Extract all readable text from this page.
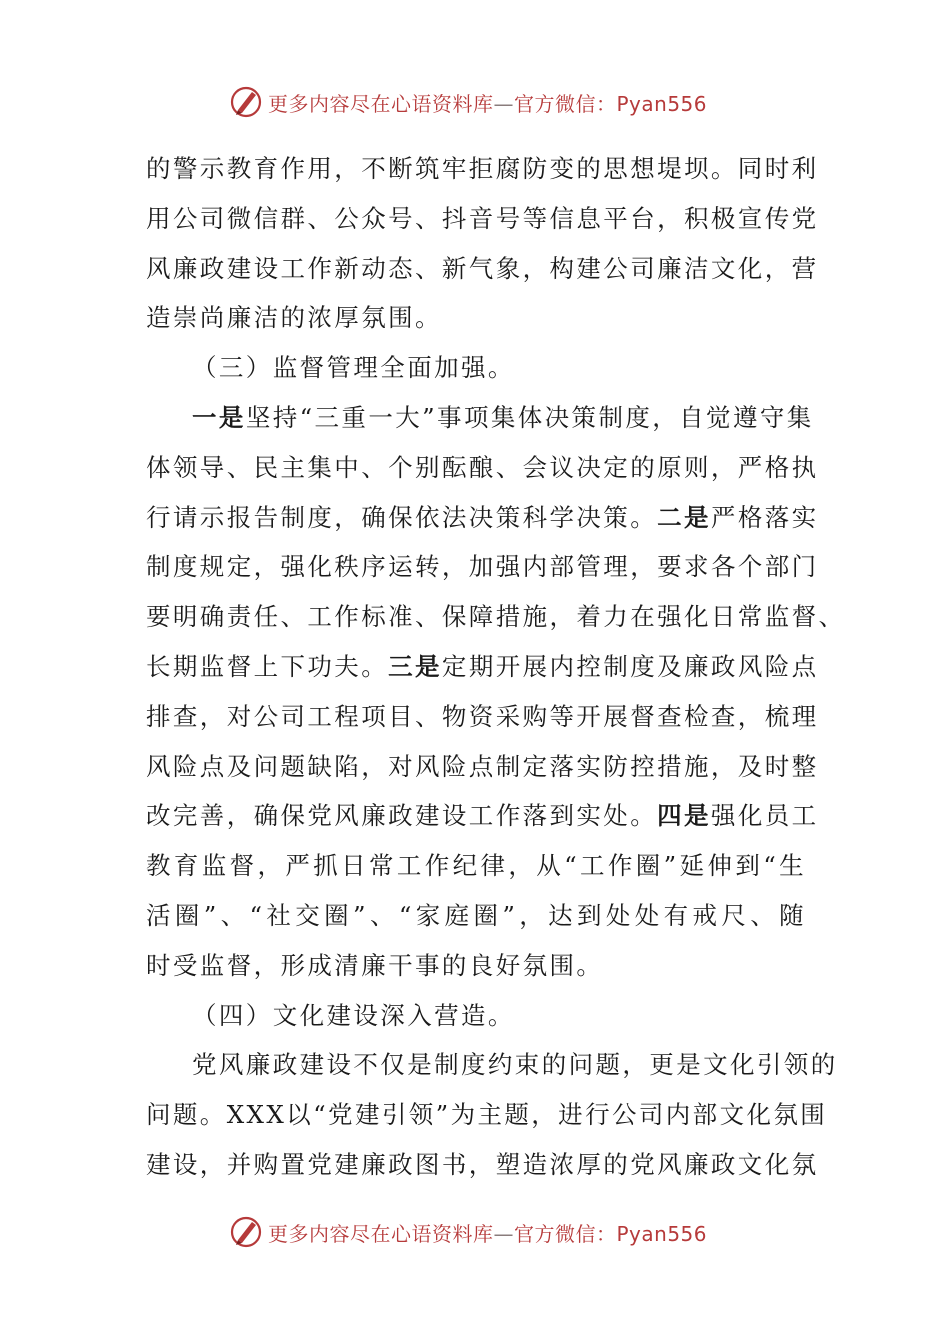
更多内容尽在心语资料库—官方微信：Pyan556
的警示教育作用，不断筑牢拒腐防变的思想堤坝。同时利
用公司微信群、公众号、抖音号等信息平台，积极宣传党
风廉政建设工作新动态、新气象，构建公司廉洁文化，营
造崇尚廉洁的浓厚氛围。
（三）监督管理全面加强。
一是坚持“三重一大”事项集体决策制度，自觉遵守集
体领导、民主集中、个别酝酿、会议决定的原则，严格执
行请示报告制度，确保依法决策科学决策。二是严格落实
制度规定，强化秩序运转，加强内部管理，要求各个部门
要明确责任、工作标准、保障措施，着力在强化日常监督、
长期监督上下功夫。三是定期开展内控制度及廉政风险点
排查，对公司工程项目、物资采购等开展督查检查，梳理
风险点及问题缺陷，对风险点制定落实防控措施，及时整
改完善，确保党风廉政建设工作落到实处。四是强化员工
教育监督，严抓日常工作纪律，从“工作圈”延伸到“生
活圈”、“社交圈”、“家庭圈”，达到处处有戒尺、随
时受监督，形成清廉干事的良好氛围。
（四）文化建设深入营造。
党风廉政建设不仅是制度约束的问题，更是文化引领的
问题。XXX以“党建引领”为主题，进行公司内部文化氛围
建设，并购置党建廉政图书，塑造浓厚的党风廉政文化氛
更多内容尽在心语资料库—官方微信：Pyan556
